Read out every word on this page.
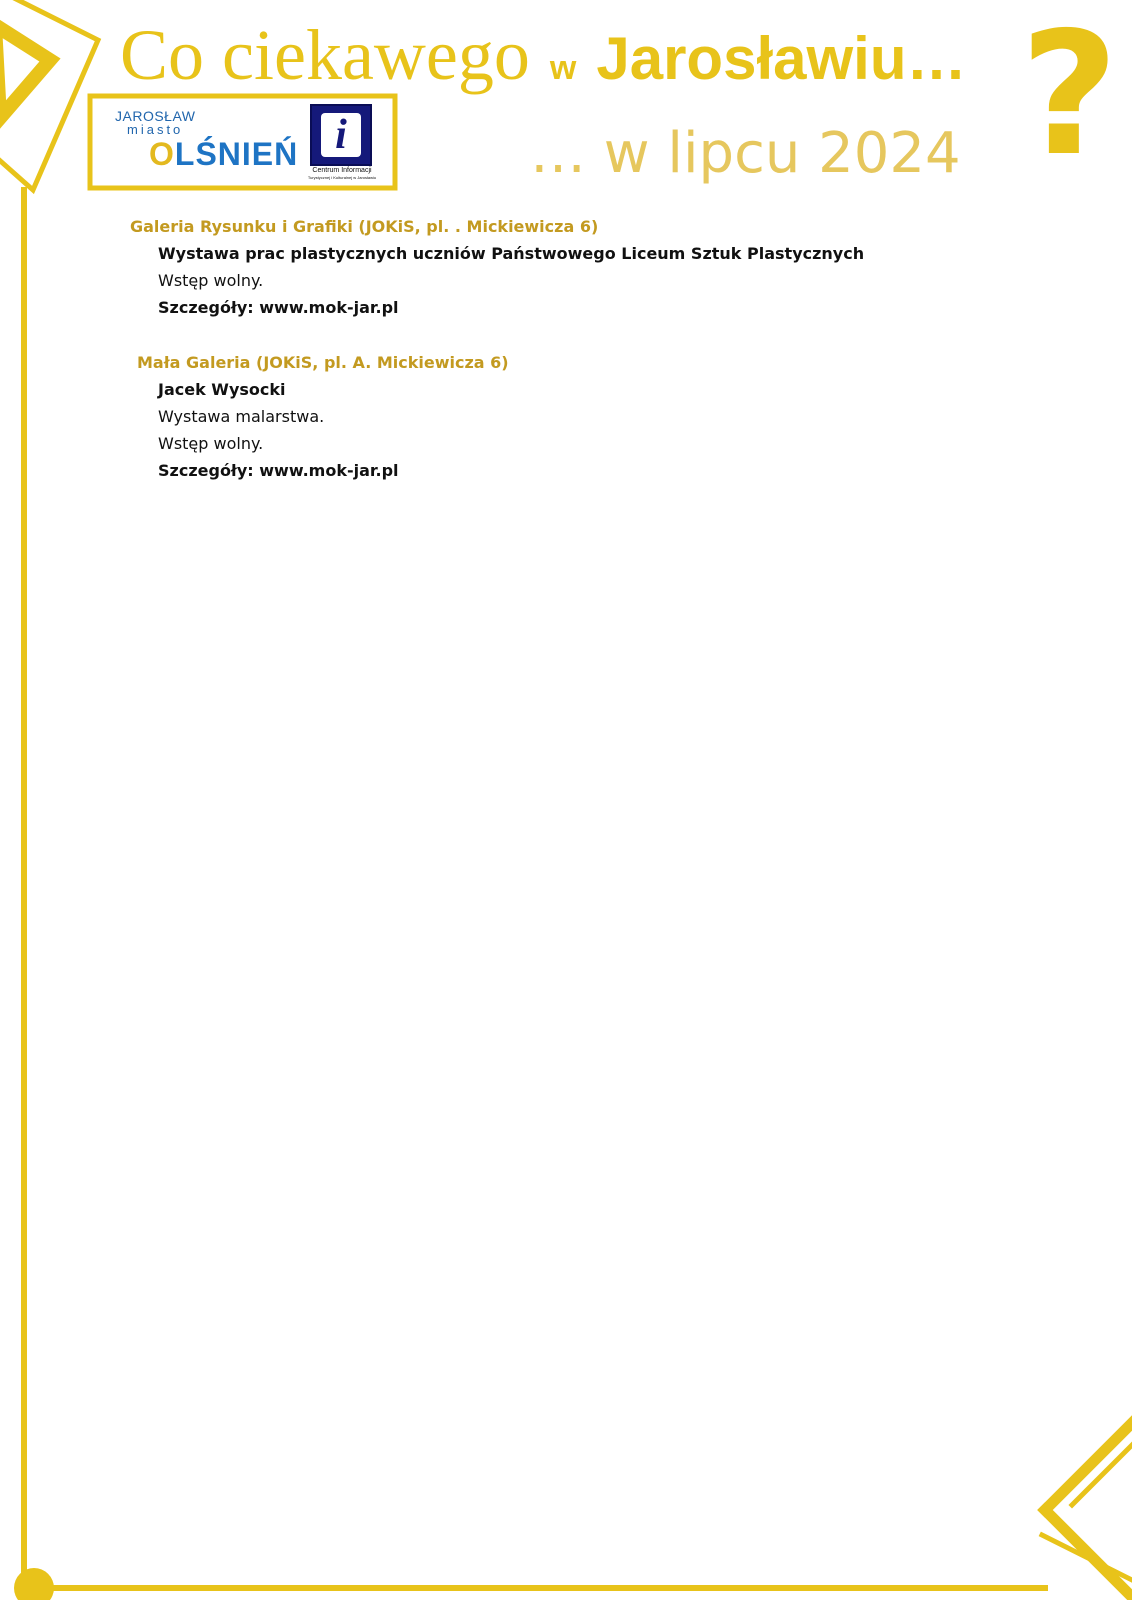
Co ciekawego w Jarosławiu… ?
… w lipcu 2024
JAROSŁAW
miasto
OLŚNIEŃ i
Centrum Informacji
Turystycznej i Kulturalnej w Jarosławiu
Galeria Rysunku i Grafiki (JOKiS, pl. . Mickiewicza 6)
Wystawa prac plastycznych uczniów Państwowego Liceum Sztuk Plastycznych
Wstęp wolny.
Szczegóły: www.mok-jar.pl
Mała Galeria (JOKiS, pl. A. Mickiewicza 6)
Jacek Wysocki
Wystawa malarstwa.
Wstęp wolny.
Szczegóły: www.mok-jar.pl
